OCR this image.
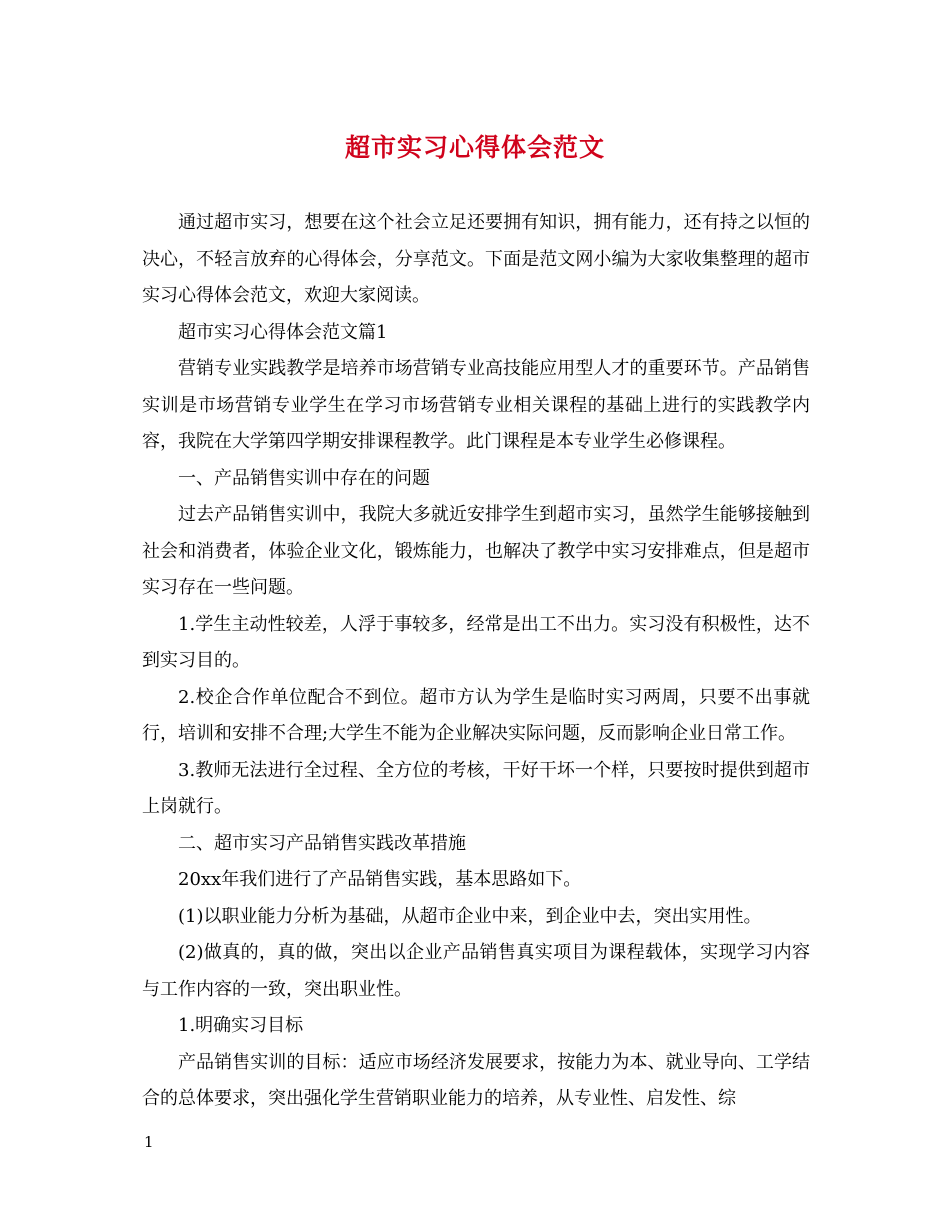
超市实习心得体会范文

通过超市实习，想要在这个社会立足还要拥有知识，拥有能力，还有持之以恒的决心，不轻言放弃的心得体会，分享范文。下面是范文网小编为大家收集整理的超市实习心得体会范文，欢迎大家阅读。

超市实习心得体会范文篇1

营销专业实践教学是培养市场营销专业高技能应用型人才的重要环节。产品销售实训是市场营销专业学生在学习市场营销专业相关课程的基础上进行的实践教学内容，我院在大学第四学期安排课程教学。此门课程是本专业学生必修课程。

一、产品销售实训中存在的问题

过去产品销售实训中，我院大多就近安排学生到超市实习，虽然学生能够接触到社会和消费者，体验企业文化，锻炼能力，也解决了教学中实习安排难点，但是超市实习存在一些问题。

1.学生主动性较差，人浮于事较多，经常是出工不出力。实习没有积极性，达不到实习目的。

2.校企合作单位配合不到位。超市方认为学生是临时实习两周，只要不出事就行，培训和安排不合理;大学生不能为企业解决实际问题，反而影响企业日常工作。

3.教师无法进行全过程、全方位的考核，干好干坏一个样，只要按时提供到超市上岗就行。

二、超市实习产品销售实践改革措施

20xx年我们进行了产品销售实践，基本思路如下。

(1)以职业能力分析为基础，从超市企业中来，到企业中去，突出实用性。

(2)做真的，真的做，突出以企业产品销售真实项目为课程载体，实现学习内容与工作内容的一致，突出职业性。

1.明确实习目标

产品销售实训的目标：适应市场经济发展要求，按能力为本、就业导向、工学结合的总体要求，突出强化学生营销职业能力的培养，从专业性、启发性、综

1
